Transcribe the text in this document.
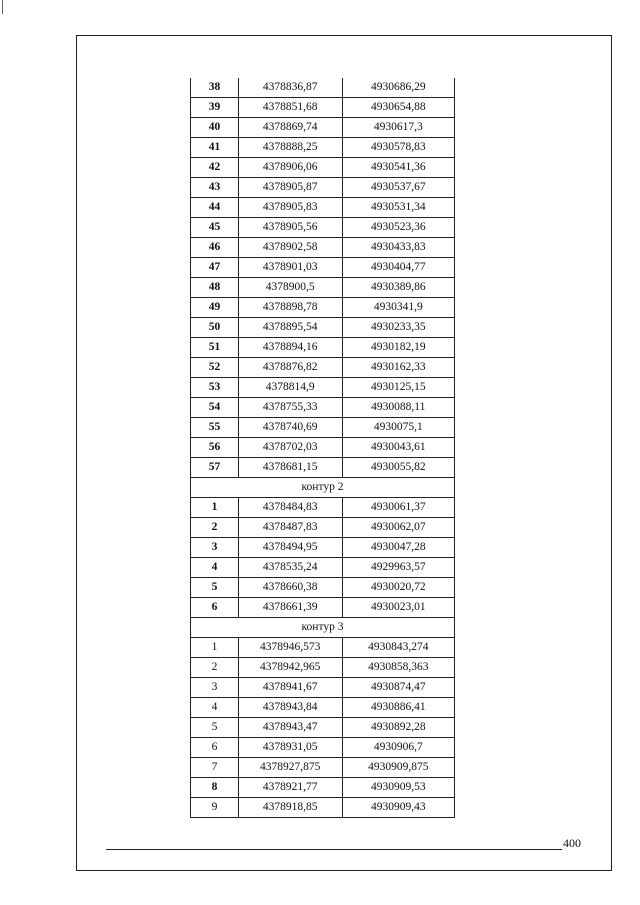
38	4378836,87	4930686,29
39	4378851,68	4930654,88
40	4378869,74	4930617,3
41	4378888,25	4930578,83
42	4378906,06	4930541,36
43	4378905,87	4930537,67
44	4378905,83	4930531,34
45	4378905,56	4930523,36
46	4378902,58	4930433,83
47	4378901,03	4930404,77
48	4378900,5	4930389,86
49	4378898,78	4930341,9
50	4378895,54	4930233,35
51	4378894,16	4930182,19
52	4378876,82	4930162,33
53	4378814,9	4930125,15
54	4378755,33	4930088,11
55	4378740,69	4930075,1
56	4378702,03	4930043,61
57	4378681,15	4930055,82
контур 2		
1	4378484,83	4930061,37
2	4378487,83	4930062,07
3	4378494,95	4930047,28
4	4378535,24	4929963,57
5	4378660,38	4930020,72
6	4378661,39	4930023,01
контур 3		
1	4378946,573	4930843,274
2	4378942,965	4930858,363
3	4378941,67	4930874,47
4	4378943,84	4930886,41
5	4378943,47	4930892,28
6	4378931,05	4930906,7
7	4378927,875	4930909,875
8	4378921,77	4930909,53
9	4378918,85	4930909,43
400
